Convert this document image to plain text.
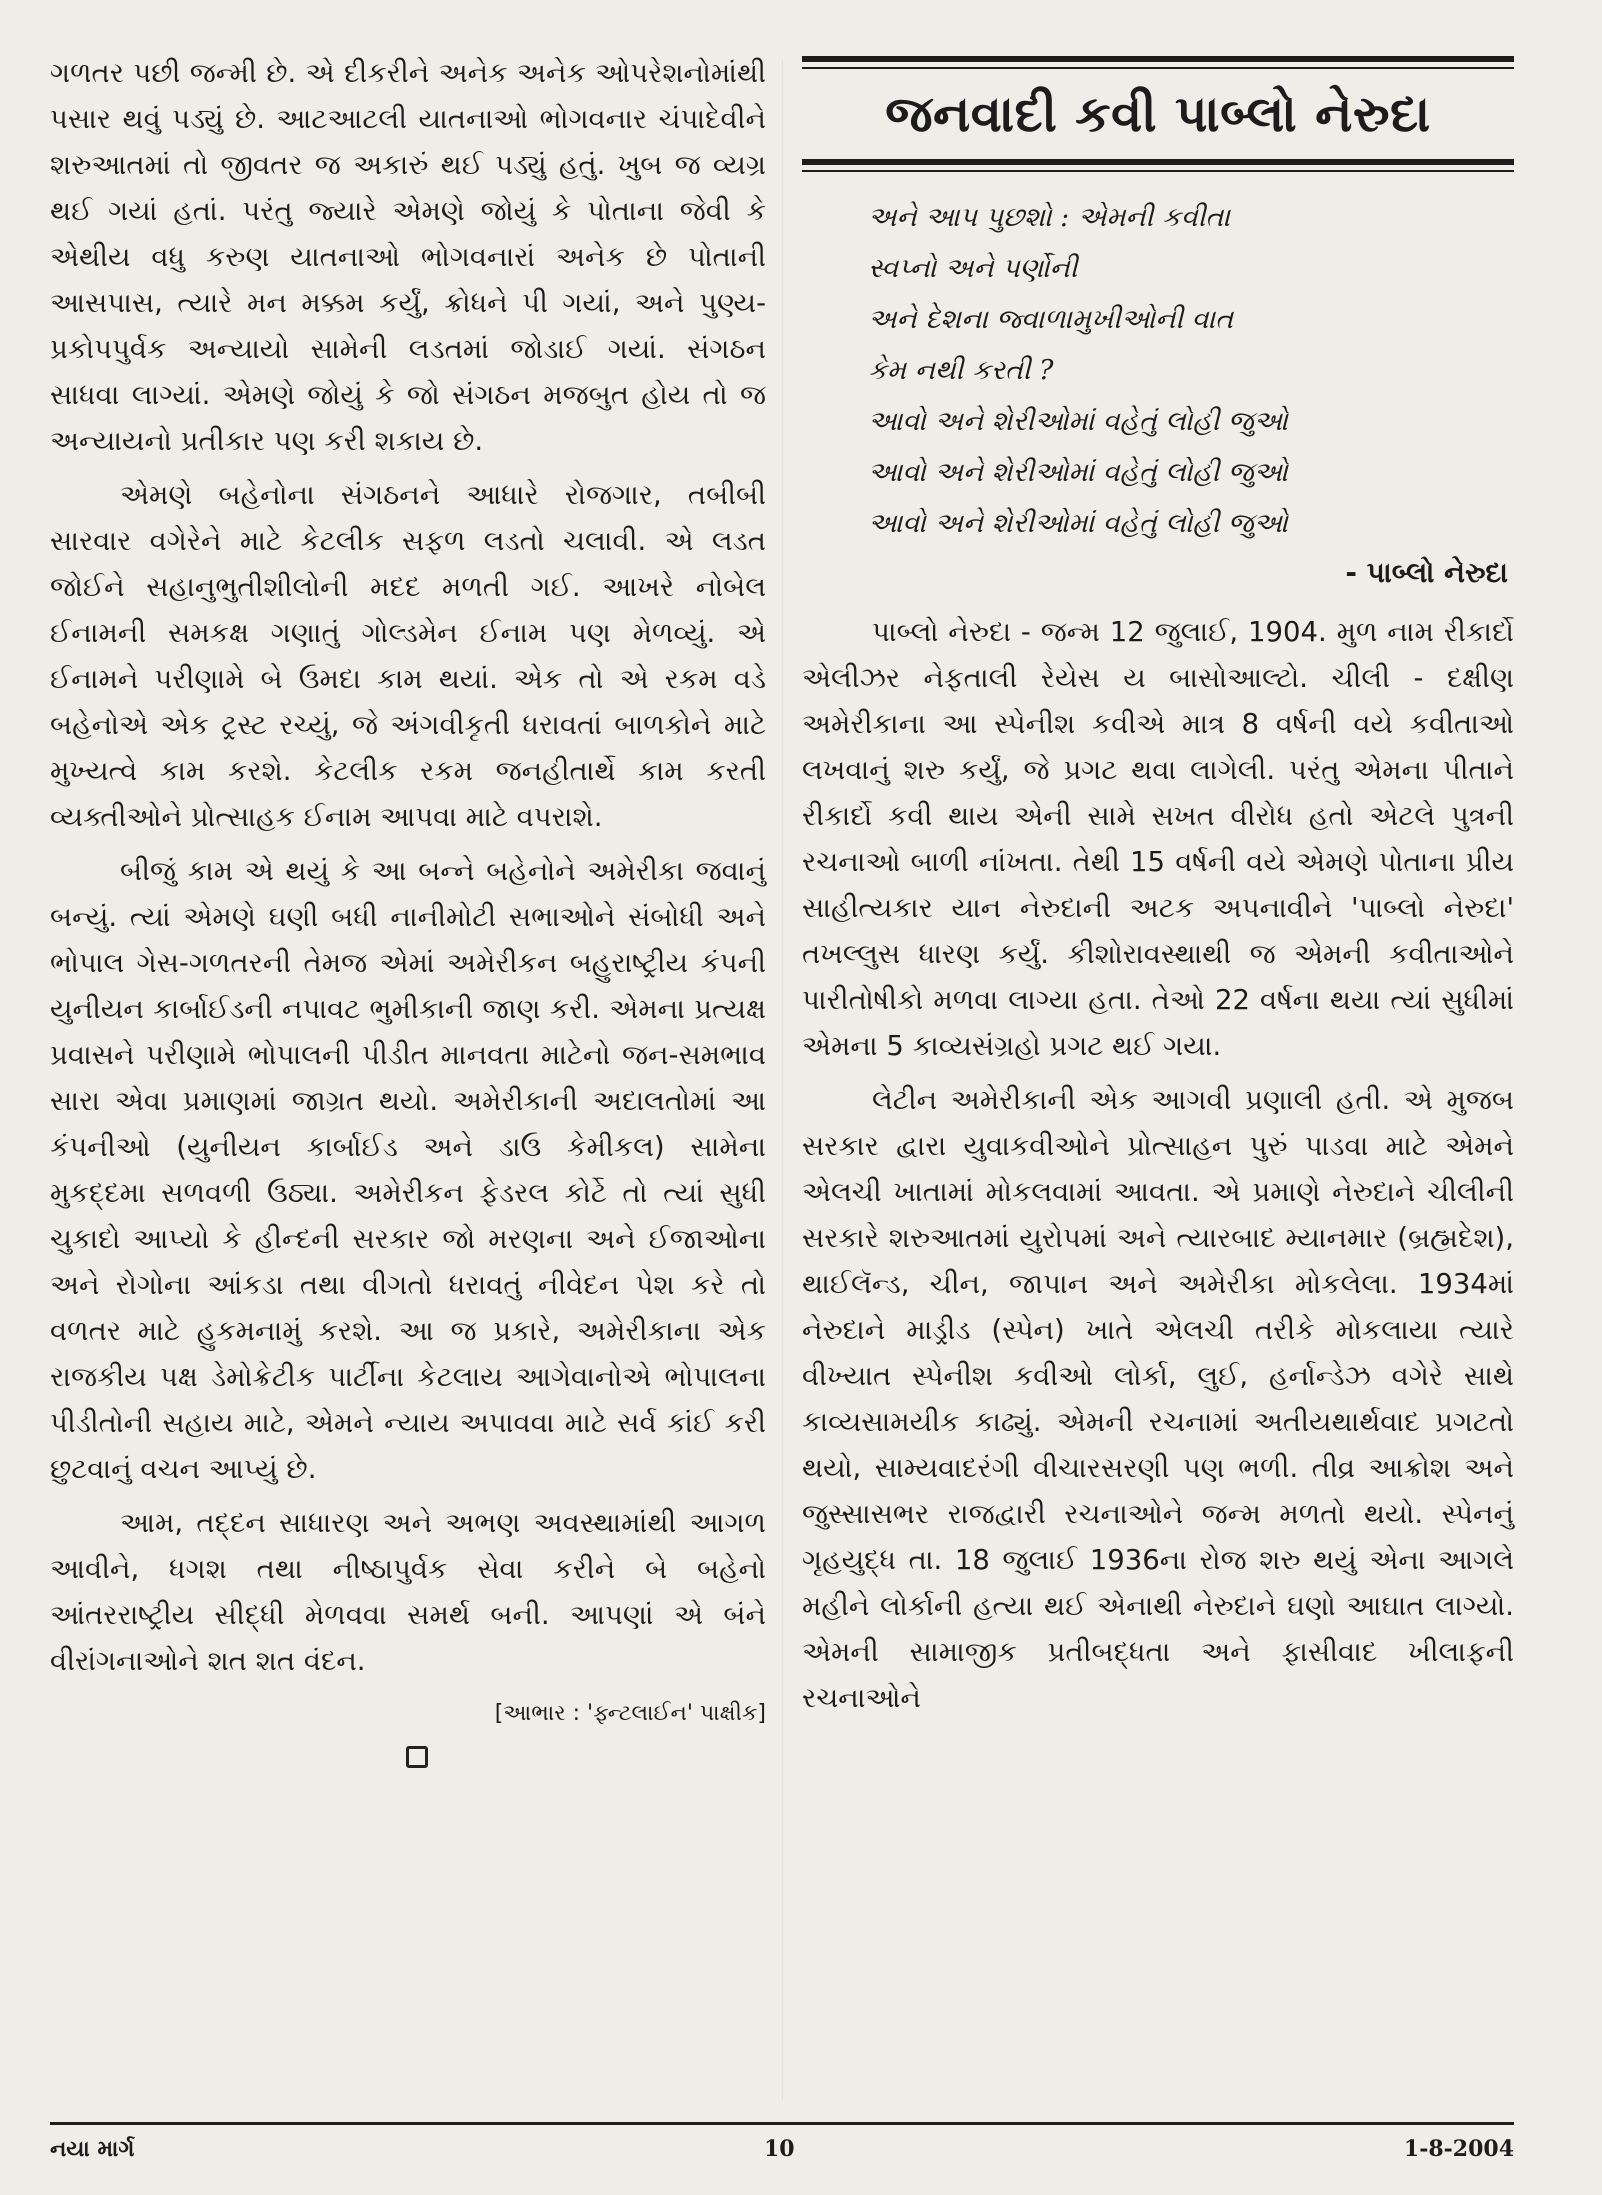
ગળતર પછી જન્મી છે. એ દીકરીને અનેક અનેક ઓપરેશનોમાંથી પસાર થવું પડ્યું છે. આટઆટલી યાતનાઓ ભોગવનાર ચંપાદેવીને શરુઆતમાં તો જીવતર જ અકારું થઈ પડ્યું હતું. ખુબ જ વ્યગ્ર થઈ ગયાં હતાં. પરંતુ જ્યારે એમણે જોયું કે પોતાના જેવી કે એથીય વધુ કરુણ યાતનાઓ ભોગવનારાં અનેક છે પોતાની આસપાસ, ત્યારે મન મક્કમ કર્યું, ક્રોધને પી ગયાં, અને પુણ્ય-પ્રકોપપુર્વક અન્યાયો સામેની લડતમાં જોડાઈ ગયાં. સંગઠન સાધવા લાગ્યાં. એમણે જોયું કે જો સંગઠન મજબુત હોય તો જ અન્યાયનો પ્રતીકાર પણ કરી શકાય છે.

એમણે બહેનોના સંગઠનને આધારે રોજગાર, તબીબી સારવાર વગેરેને માટે કેટલીક સફળ લડતો ચલાવી. એ લડત જોઈને સહાનુભુતીશીલોની મદદ મળતી ગઈ. આખરે નોબેલ ઈનામની સમકક્ષ ગણાતું ગોલ્ડમેન ઈનામ પણ મેળવ્યું. એ ઈનામને પરીણામે બે ઉમદા કામ થયાં. એક તો એ રકમ વડે બહેનોએ એક ટ્રસ્ટ રચ્યું, જે અંગવીકૃતી ધરાવતાં બાળકોને માટે મુખ્યત્વે કામ કરશે. કેટલીક રકમ જનહીતાર્થે કામ કરતી વ્યક્તીઓને પ્રોત્સાહક ઈનામ આપવા માટે વપરાશે.

બીજું કામ એ થયું કે આ બન્ને બહેનોને અમેરીકા જવાનું બન્યું. ત્યાં એમણે ઘણી બધી નાનીમોટી સભાઓને સંબોધી અને ભોપાલ ગેસ-ગળતરની તેમજ એમાં અમેરીકન બહુરાષ્ટ્રીય કંપની યુનીયન કાર્બાઈડની નપાવટ ભુમીકાની જાણ કરી. એમના પ્રત્યક્ષ પ્રવાસને પરીણામે ભોપાલની પીડીત માનવતા માટેનો જન-સમભાવ સારા એવા પ્રમાણમાં જાગ્રત થયો. અમેરીકાની અદાલતોમાં આ કંપનીઓ (યુનીયન કાર્બાઈડ અને ડાઉ કેમીકલ) સામેના મુકદ્દમા સળવળી ઉઠ્યા. અમેરીકન ફેડરલ કોર્ટે તો ત્યાં સુધી ચુકાદો આપ્યો કે હીન્દની સરકાર જો મરણના અને ઈજાઓના અને રોગોના આંકડા તથા વીગતો ધરાવતું નીવેદન પેશ કરે તો વળતર માટે હુકમનામું કરશે. આ જ પ્રકારે, અમેરીકાના એક રાજકીય પક્ષ ડેમોક્રેટીક પાર્ટીના કેટલાય આગેવાનોએ ભોપાલના પીડીતોની સહાય માટે, એમને ન્યાય અપાવવા માટે સર્વ કાંઈ કરી છુટવાનું વચન આપ્યું છે.

આમ, તદ્દન સાધારણ અને અભણ અવસ્થામાંથી આગળ આવીને, ધગશ તથા નીષ્ઠાપુર્વક સેવા કરીને બે બહેનો આંતરરાષ્ટ્રીય સીદ્ધી મેળવવા સમર્થ બની. આપણાં એ બંને વીરાંગનાઓને શત શત વંદન.

[આભાર : 'ફ્ન્ટલાઈન' પાક્ષીક]
જનવાદી કવી પાબ્લો નેરુદા
અને આપ પુછશો : એમની કવીતા
સ્વપ્નો અને પર્ણોની
અને દેશના જ્વાળામુખીઓની વાત
કેમ નથી કરતી ?
આવો અને શેરીઓમાં વહેતું લોહી જુઓ
આવો અને શેરીઓમાં વહેતું લોહી જુઓ
આવો અને શેરીઓમાં વહેતું લોહી જુઓ
- પાબ્લો નેરુદા

પાબ્લો નેરુદા - જન્મ 12 જુલાઈ, 1904. મુળ નામ રીકાર્દો એલીઝર નેફતાલી રેયેસ ય બાસોઆલ્ટો. ચીલી - દક્ષીણ અમેરીકાના આ સ્પેનીશ કવીએ માત્ર 8 વર્ષની વયે કવીતાઓ લખવાનું શરુ કર્યું, જે પ્રગટ થવા લાગેલી. પરંતુ એમના પીતાને રીકાર્દો કવી થાય એની સામે સખત વીરોધ હતો એટલે પુત્રની રચનાઓ બાળી નાંખતા. તેથી 15 વર્ષની વયે એમણે પોતાના પ્રીય સાહીત્યકાર યાન નેરુદાની અટક અપનાવીને 'પાબ્લો નેરુદા' તખલ્લુસ ધારણ કર્યું. કીશોરાવસ્થાથી જ એમની કવીતાઓને પારીતોષીકો મળવા લાગ્યા હતા. તેઓ 22 વર્ષના થયા ત્યાં સુધીમાં એમના 5 કાવ્યસંગ્રહો પ્રગટ થઈ ગયા.

લેટીન અમેરીકાની એક આગવી પ્રણાલી હતી. એ મુજબ સરકાર દ્વારા યુવાકવીઓને પ્રોત્સાહન પુરું પાડવા માટે એમને એલચી ખાતામાં મોકલવામાં આવતા. એ પ્રમાણે નેરુદાને ચીલીની સરકારે શરુઆતમાં યુરોપમાં અને ત્યારબાદ મ્યાનમાર (બ્રહ્મદેશ), થાઈલૅન્ડ, ચીન, જાપાન અને અમેરીકા મોકલેલા. 1934માં નેરુદાને માડ્રીડ (સ્પેન) ખાતે એલચી તરીકે મોકલાયા ત્યારે વીખ્યાત સ્પેનીશ કવીઓ લોર્કા, લુઈ, હર્નાન્ડેઝ વગેરે સાથે કાવ્યસામયીક કાઢ્યું. એમની રચનામાં અતીયથાર્થવાદ પ્રગટતો થયો, સામ્યવાદરંગી વીચારસરણી પણ ભળી. તીવ્ર આક્રોશ અને જુસ્સાસભર રાજદ્વારી રચનાઓને જન્મ મળતો થયો. સ્પેનનું ગૃહયુદ્ધ તા. 18 જુલાઈ 1936ના રોજ શરુ થયું એના આગલે મહીને લોર્કાની હત્યા થઈ એનાથી નેરુદાને ઘણો આઘાત લાગ્યો. એમની સામાજીક પ્રતીબદ્ધતા અને ફાસીવાદ ખીલાફની રચનાઓને

નયા માર્ગ	10	1-8-2004
